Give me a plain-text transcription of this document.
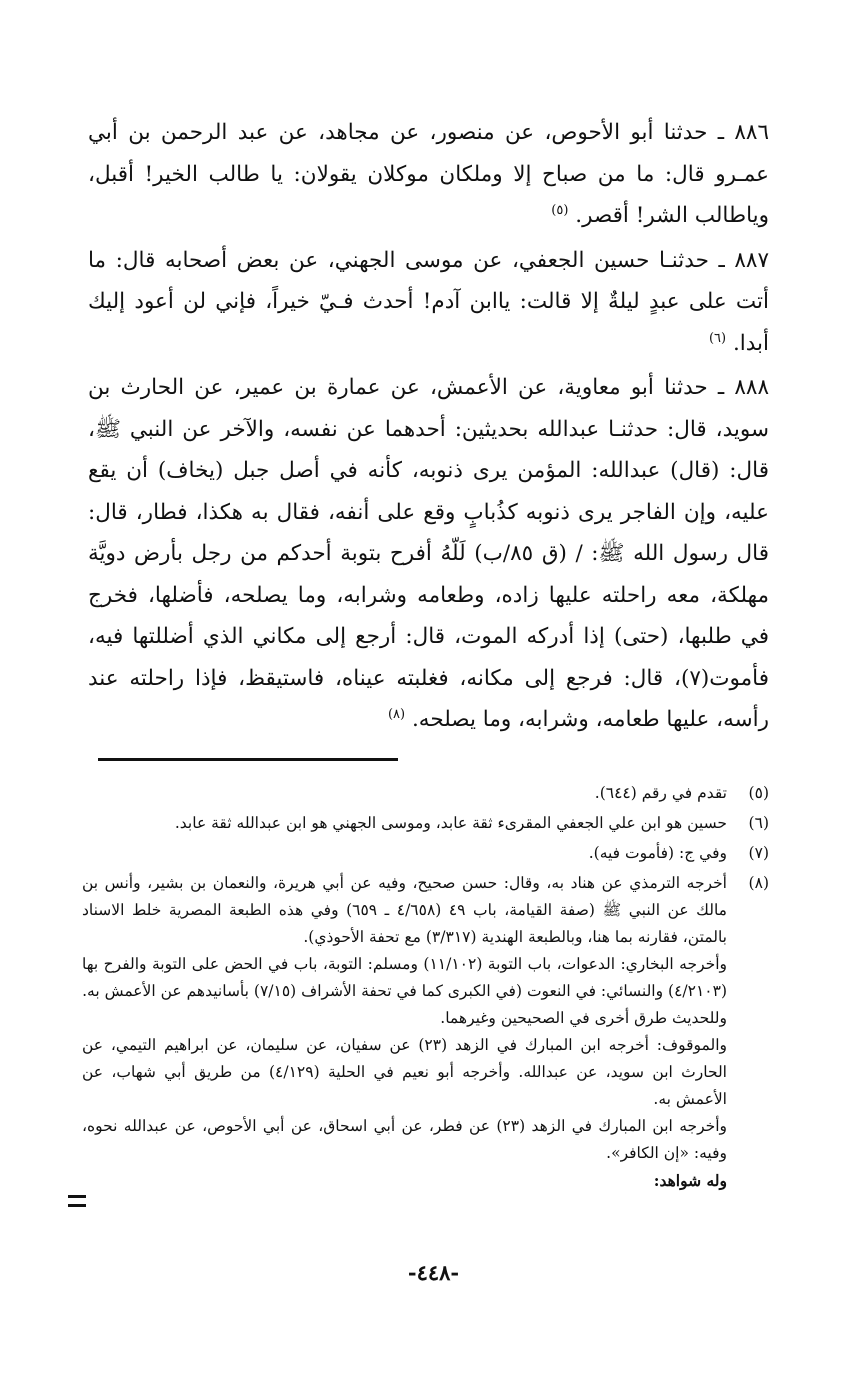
٨٨٦ ـ حدثنا أبو الأحوص، عن منصور، عن مجاهد، عن عبد الرحمن بن أبي عمـرو قال: ما من صباح إلا وملكان موكلان يقولان: يا طالب الخير! أقبل، وياطالب الشر! أقصر. $^{(٥)}$

٨٨٧ ـ حدثنـا حسين الجعفي، عن موسى الجهني، عن بعض أصحابه قال: ما أتت على عبدٍ ليلةٌ إلا قالت: ياابن آدم! أحدث فـيّ خيراً، فإني لن أعود إليك أبدا. $^{(٦)}$

٨٨٨ ـ حدثنا أبو معاوية، عن الأعمش، عن عمارة بن عمير، عن الحارث بن سويد، قال: حدثنـا عبدالله بحديثين: أحدهما عن نفسه، والآخر عن النبي ﷺ، قال: (قال) عبدالله: المؤمن يرى ذنوبه، كأنه في أصل جبل (يخاف) أن يقع عليه، وإن الفاجر يرى ذنوبه كذُبابٍ وقع على أنفه، فقال به هكذا، فطار، قال: قال رسول الله ﷺ: / (ق ٨٥/ب) لَلّهُ أفرح بتوبة أحدكم من رجل بأرض دويَّة مهلكة، معه راحلته عليها زاده، وطعامه وشرابه، وما يصلحه، فأضلها، فخرج في طلبها، (حتى) إذا أدركه الموت، قال: أرجع إلى مكاني الذي أضللتها فيه، فأموت(٧)، قال: فرجع إلى مكانه، فغلبته عيناه، فاستيقظ، فإذا راحلته عند رأسه، عليها طعامه، وشرابه، وما يصلحه. $^{(٨)}$

(٥)
تقدم في رقم (٦٤٤).
(٦)
حسين هو ابن علي الجعفي المقرىء ثقة عابد، وموسى الجهني هو ابن عبدالله ثقة عابد.
(٧)
وفي ج: (فأموت فيه).
(٨)
أخرجه الترمذي عن هناد به، وقال: حسن صحيح، وفيه عن أبي هريرة، والنعمان بن بشير، وأنس بن مالك عن النبي ﷺ (صفة القيامة، باب ٤٩ (٤/٦٥٨ ـ ٦٥٩) وفي هذه الطبعة المصرية خلط الاسناد بالمتن، فقارنه بما هنا، وبالطبعة الهندية (٣/٣١٧) مع تحفة الأحوذي).
وأخرجه البخاري: الدعوات، باب التوبة (١١/١٠٢) ومسلم: التوبة، باب في الحض على التوبة والفرح بها (٤/٢١٠٣) والنسائي: في النعوت (في الكبرى كما في تحفة الأشراف (٧/١٥) بأسانيدهم عن الأعمش به.
وللحديث طرق أخرى في الصحيحين وغيرهما.
والموقوف: أخرجه ابن المبارك في الزهد (٢٣) عن سفيان، عن سليمان، عن ابراهيم التيمي، عن الحارث ابن سويد، عن عبدالله. وأخرجه أبو نعيم في الحلية (٤/١٢٩) من طريق أبي شهاب، عن الأعمش به.
وأخرجه ابن المبارك في الزهد (٢٣) عن فطر، عن أبي اسحاق، عن أبي الأحوص، عن عبدالله نحوه، وفيه: «إن الكافر».
وله شواهد:
-٤٤٨-
